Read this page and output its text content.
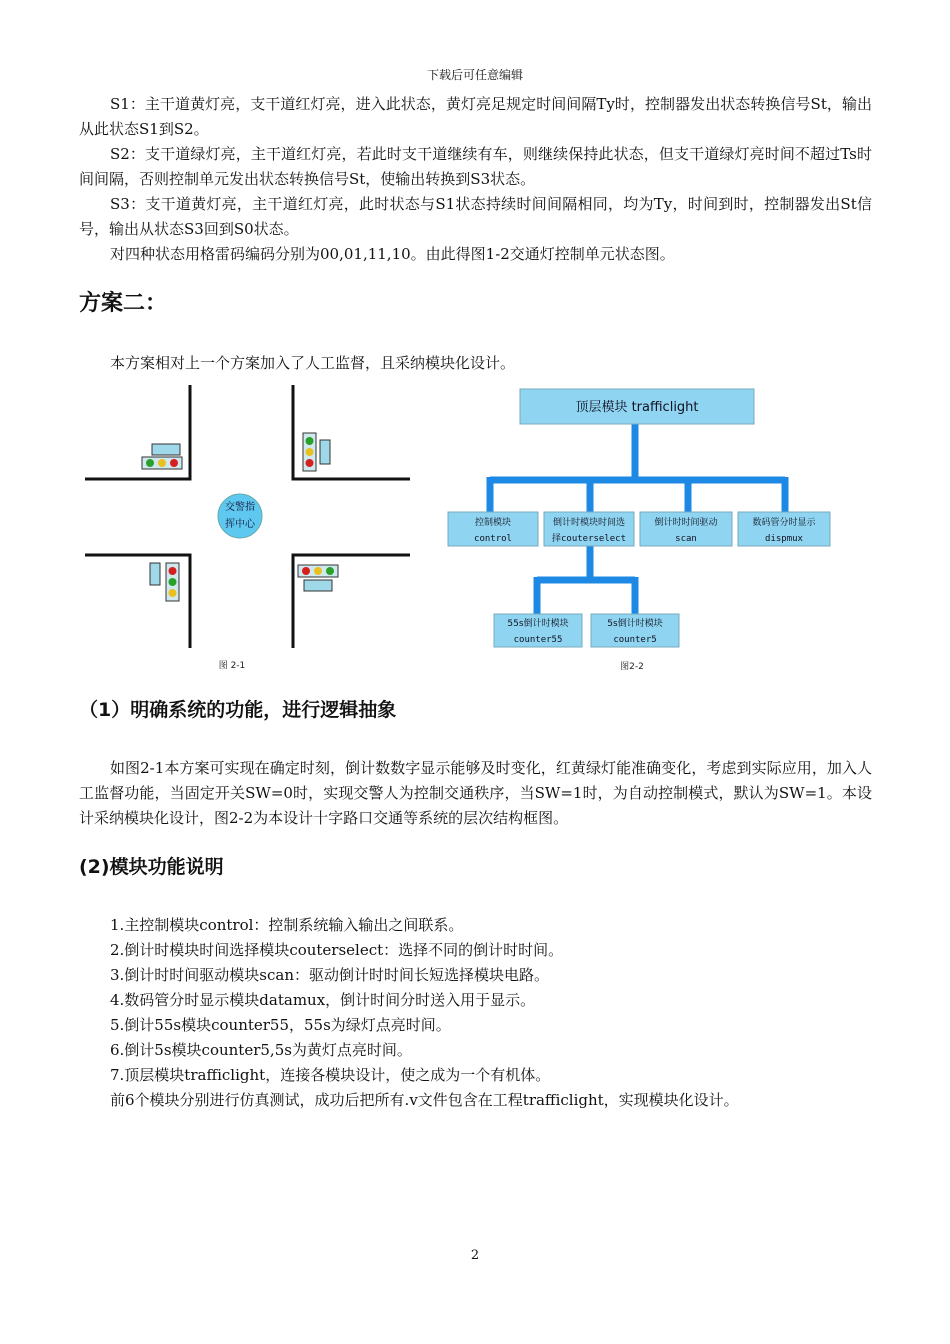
下载后可任意编辑
S1：主干道黄灯亮，支干道红灯亮，进入此状态，黄灯亮足规定时间间隔Ty时，控制器发出状态转换信号St，输出从此状态S1到S2。
S2：支干道绿灯亮，主干道红灯亮，若此时支干道继续有车，则继续保持此状态，但支干道绿灯亮时间不超过Ts时间间隔，否则控制单元发出状态转换信号St，使输出转换到S3状态。
S3：支干道黄灯亮，主干道红灯亮，此时状态与S1状态持续时间间隔相同，均为Ty，时间到时，控制器发出St信号，输出从状态S3回到S0状态。
对四种状态用格雷码编码分别为00,01,11,10。由此得图1-2交通灯控制单元状态图。
方案二：
本方案相对上一个方案加入了人工监督，且采纳模块化设计。
交警指
挥中心
图 2-1
顶层模块 trafficlight
控制模块
control
倒计时模块时间选
择couterselect
倒计时时间驱动
scan
数码管分时显示
dispmux
55s倒计时模块
counter55
5s倒计时模块
counter5
图2-2
（1）明确系统的功能，进行逻辑抽象
如图2-1本方案可实现在确定时刻，倒计数数字显示能够及时变化，红黄绿灯能准确变化，考虑到实际应用，加入人工监督功能，当固定开关SW=0时，实现交警人为控制交通秩序，当SW=1时，为自动控制模式，默认为SW=1。本设计采纳模块化设计，图2-2为本设计十字路口交通等系统的层次结构框图。
(2)模块功能说明
1.主控制模块control：控制系统输入输出之间联系。
2.倒计时模块时间选择模块couterselect：选择不同的倒计时时间。
3.倒计时时间驱动模块scan：驱动倒计时时间长短选择模块电路。
4.数码管分时显示模块datamux，倒计时间分时送入用于显示。
5.倒计55s模块counter55，55s为绿灯点亮时间。
6.倒计5s模块counter5,5s为黄灯点亮时间。
7.顶层模块trafficlight，连接各模块设计，使之成为一个有机体。
前6个模块分别进行仿真测试，成功后把所有.v文件包含在工程trafficlight，实现模块化设计。
2
